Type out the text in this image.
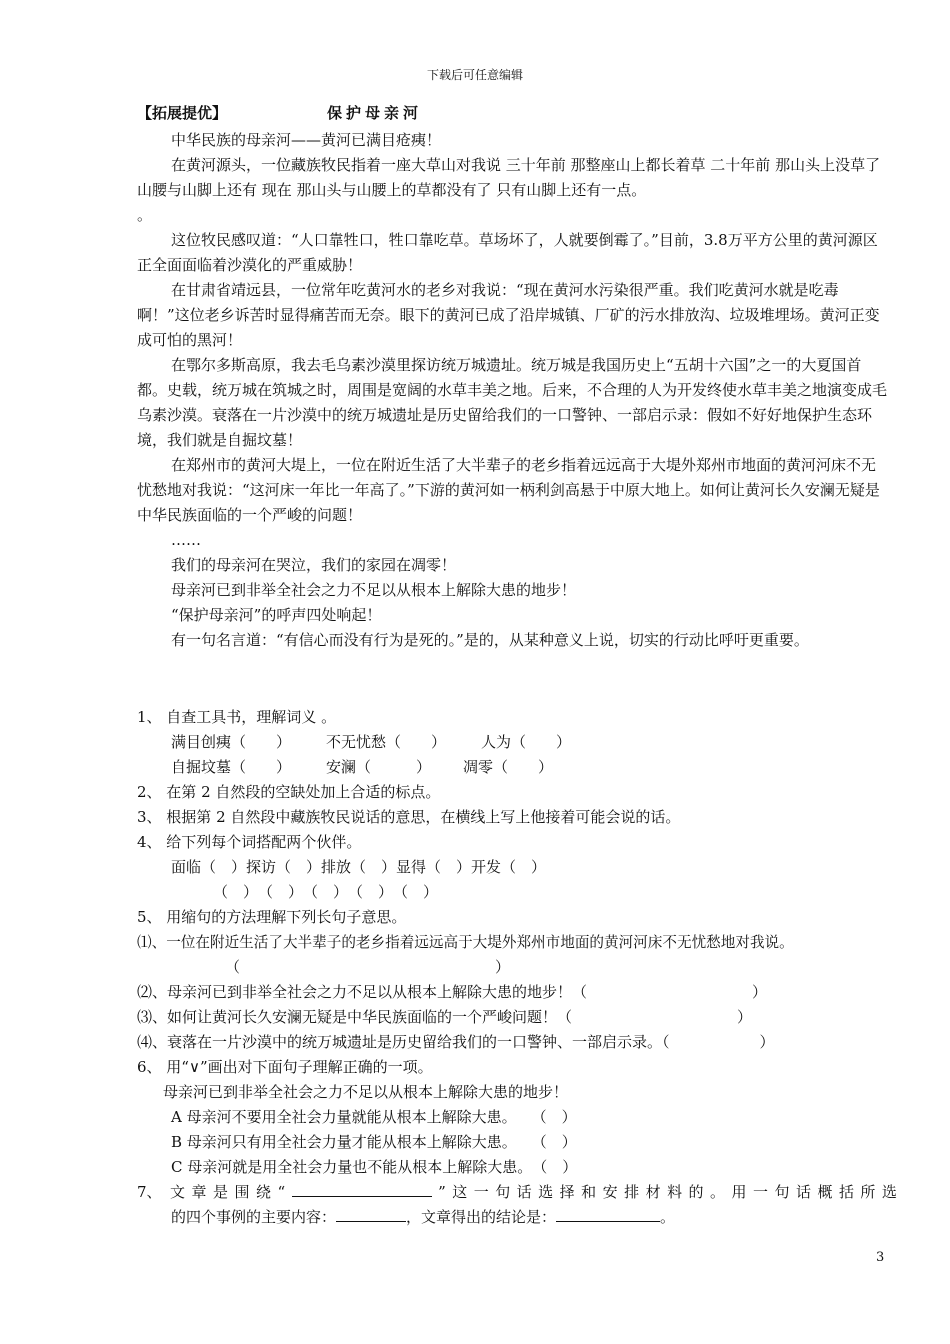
下载后可任意编辑
【拓展提优】	保护母亲河

中华民族的母亲河——黄河已满目疮痍！

在黄河源头，一位藏族牧民指着一座大草山对我说 三十年前 那整座山上都长着草 二十年前 那山头上没草了 山腰与山脚上还有 现在 那山头与山腰上的草都没有了 只有山脚上还有一点。

。

这位牧民感叹道：“人口靠牲口，牲口靠吃草。草场坏了，人就要倒霉了。”目前，3.8万平方公里的黄河源区正全面面临着沙漠化的严重威胁！

在甘肃省靖远县，一位常年吃黄河水的老乡对我说：“现在黄河水污染很严重。我们吃黄河水就是吃毒啊！”这位老乡诉苦时显得痛苦而无奈。眼下的黄河已成了沿岸城镇、厂矿的污水排放沟、垃圾堆埋场。黄河正变成可怕的黑河！

在鄂尔多斯高原，我去毛乌素沙漠里探访统万城遗址。统万城是我国历史上“五胡十六国”之一的大夏国首都。史载，统万城在筑城之时，周围是宽阔的水草丰美之地。后来，不合理的人为开发终使水草丰美之地演变成毛乌素沙漠。衰落在一片沙漠中的统万城遗址是历史留给我们的一口警钟、一部启示录：假如不好好地保护生态环境，我们就是自掘坟墓！

在郑州市的黄河大堤上，一位在附近生活了大半辈子的老乡指着远远高于大堤外郑州市地面的黄河河床不无忧愁地对我说：“这河床一年比一年高了。”下游的黄河如一柄利剑高悬于中原大地上。如何让黄河长久安澜无疑是中华民族面临的一个严峻的问题！

……

我们的母亲河在哭泣，我们的家园在凋零！

母亲河已到非举全社会之力不足以从根本上解除大患的地步！

“保护母亲河”的呼声四处响起！

有一句名言道：“有信心而没有行为是死的。”是的，从某种意义上说，切实的行动比呼吁更重要。

1、 自查工具书，理解词义 。

满目创痍（　　） 不无忧愁（　　） 人为（　　）

自掘坟墓（　　） 安澜（　　　） 凋零（　　）

2、 在第 2 自然段的空缺处加上合适的标点。

3、 根据第 2 自然段中藏族牧民说话的意思，在横线上写上他接着可能会说的话。

4、 给下列每个词搭配两个伙伴。

面临（　）探访（　）排放（　）显得（　）开发（　）

（　）　（　）　（　）　（　）　（　）

5、 用缩句的方法理解下列长句子意思。

⑴、一位在附近生活了大半辈子的老乡指着远远高于大堤外郑州市地面的黄河河床不无忧愁地对我说。

（　　　　　　　　　　　　　　　　　）

⑵、母亲河已到非举全社会之力不足以从根本上解除大患的地步！（　　　　　　　　　　　）

⑶、如何让黄河长久安澜无疑是中华民族面临的一个严峻问题！（　　　　　　　　　　　）

⑷、衰落在一片沙漠中的统万城遗址是历史留给我们的一口警钟、一部启示录。（　　　　　　）

6、 用“∨”画出对下面句子理解正确的一项。

母亲河已到非举全社会之力不足以从根本上解除大患的地步！

A 母亲河不要用全社会力量就能从根本上解除大患。　　（　）

B 母亲河只有用全社会力量才能从根本上解除大患。　　（　）

C 母亲河就是用全社会力量也不能从根本上解除大患。　（　）

7、 文 章 是 围 绕 “	” 这 一 句 话 选 择 和 安 排 材 料 的 。 用 一 句 话 概 括 所 选

的四个事例的主要内容：	，文章得出的结论是：	。

3
